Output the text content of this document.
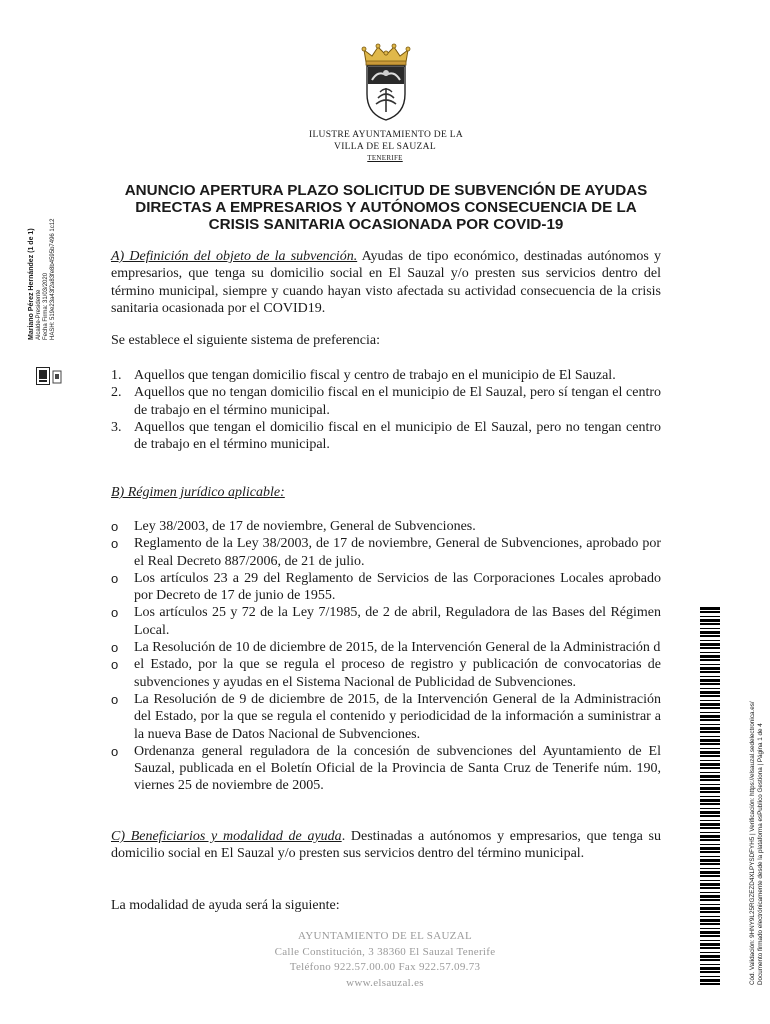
ILUSTRE AYUNTAMIENTO DE LA
VILLA DE EL SAUZAL
TENERIFE
ANUNCIO APERTURA PLAZO SOLICITUD DE SUBVENCIÓN DE AYUDAS
DIRECTAS A EMPRESARIOS Y AUTÓNOMOS CONSECUENCIA DE LA
CRISIS SANITARIA OCASIONADA POR COVID-19
A) Definición del objeto de la subvención. Ayudas de tipo económico, destinadas autónomos y empresarios, que tenga su domicilio social en El Sauzal y/o presten sus servicios dentro del término municipal, siempre y cuando hayan visto afectada su actividad consecuencia de la crisis sanitaria ocasionada por el COVID19.
Se establece el siguiente sistema de preferencia:
1. Aquellos que tengan domicilio fiscal y centro de trabajo en el municipio de El Sauzal.
2. Aquellos que no tengan domicilio fiscal en el municipio de El Sauzal, pero sí tengan el centro de trabajo en el término municipal.
3. Aquellos que tengan el domicilio fiscal en el municipio de El Sauzal, pero no tengan centro de trabajo en el término municipal.
B) Régimen jurídico aplicable:
o Ley 38/2003, de 17 de noviembre, General de Subvenciones.
o Reglamento de la Ley 38/2003, de 17 de noviembre, General de Subvenciones, aprobado por el Real Decreto 887/2006, de 21 de julio.
o Los artículos 23 a 29 del Reglamento de Servicios de las Corporaciones Locales aprobado por Decreto de 17 de junio de 1955.
o Los artículos 25 y 72 de la Ley 7/1985, de 2 de abril, Reguladora de las Bases del Régimen Local.
o La Resolución de 10 de diciembre de 2015, de la Intervención General de la Administración d
o el Estado, por la que se regula el proceso de registro y publicación de convocatorias de subvenciones y ayudas en el Sistema Nacional de Publicidad de Subvenciones.
o La Resolución de 9 de diciembre de 2015, de la Intervención General de la Administración del Estado, por la que se regula el contenido y periodicidad de la información a suministrar a la nueva Base de Datos Nacional de Subvenciones.
o Ordenanza general reguladora de la concesión de subvenciones del Ayuntamiento de El Sauzal, publicada en el Boletín Oficial de la Provincia de Santa Cruz de Tenerife núm. 190, viernes 25 de noviembre de 2005.
C) Beneficiarios y modalidad de ayuda. Destinadas a autónomos y empresarios, que tenga su domicilio social en El Sauzal y/o presten sus servicios dentro del término municipal.
La modalidad de ayuda será la siguiente:
AYUNTAMIENTO DE EL SAUZAL
Calle Constitución, 3 38360 El Sauzal Tenerife
Teléfono 922.57.00.00 Fax 922.57.09.73
www.elsauzal.es
Mariano Pérez Hernández (1 de 1) Alcalde-Presidente Fecha Firma: 31/03/2020 HASH: 519e23a43f2a83fe8b4595b7496 1c12
Cód. Validación: 9HNY9L25RGZEZD4XLPYSDFYH5 | Verificación: https://elsauzal.sedelectronica.es/ Documento firmado electrónicamente desde la plataforma esPublico Gestiona | Página 1 de 4
